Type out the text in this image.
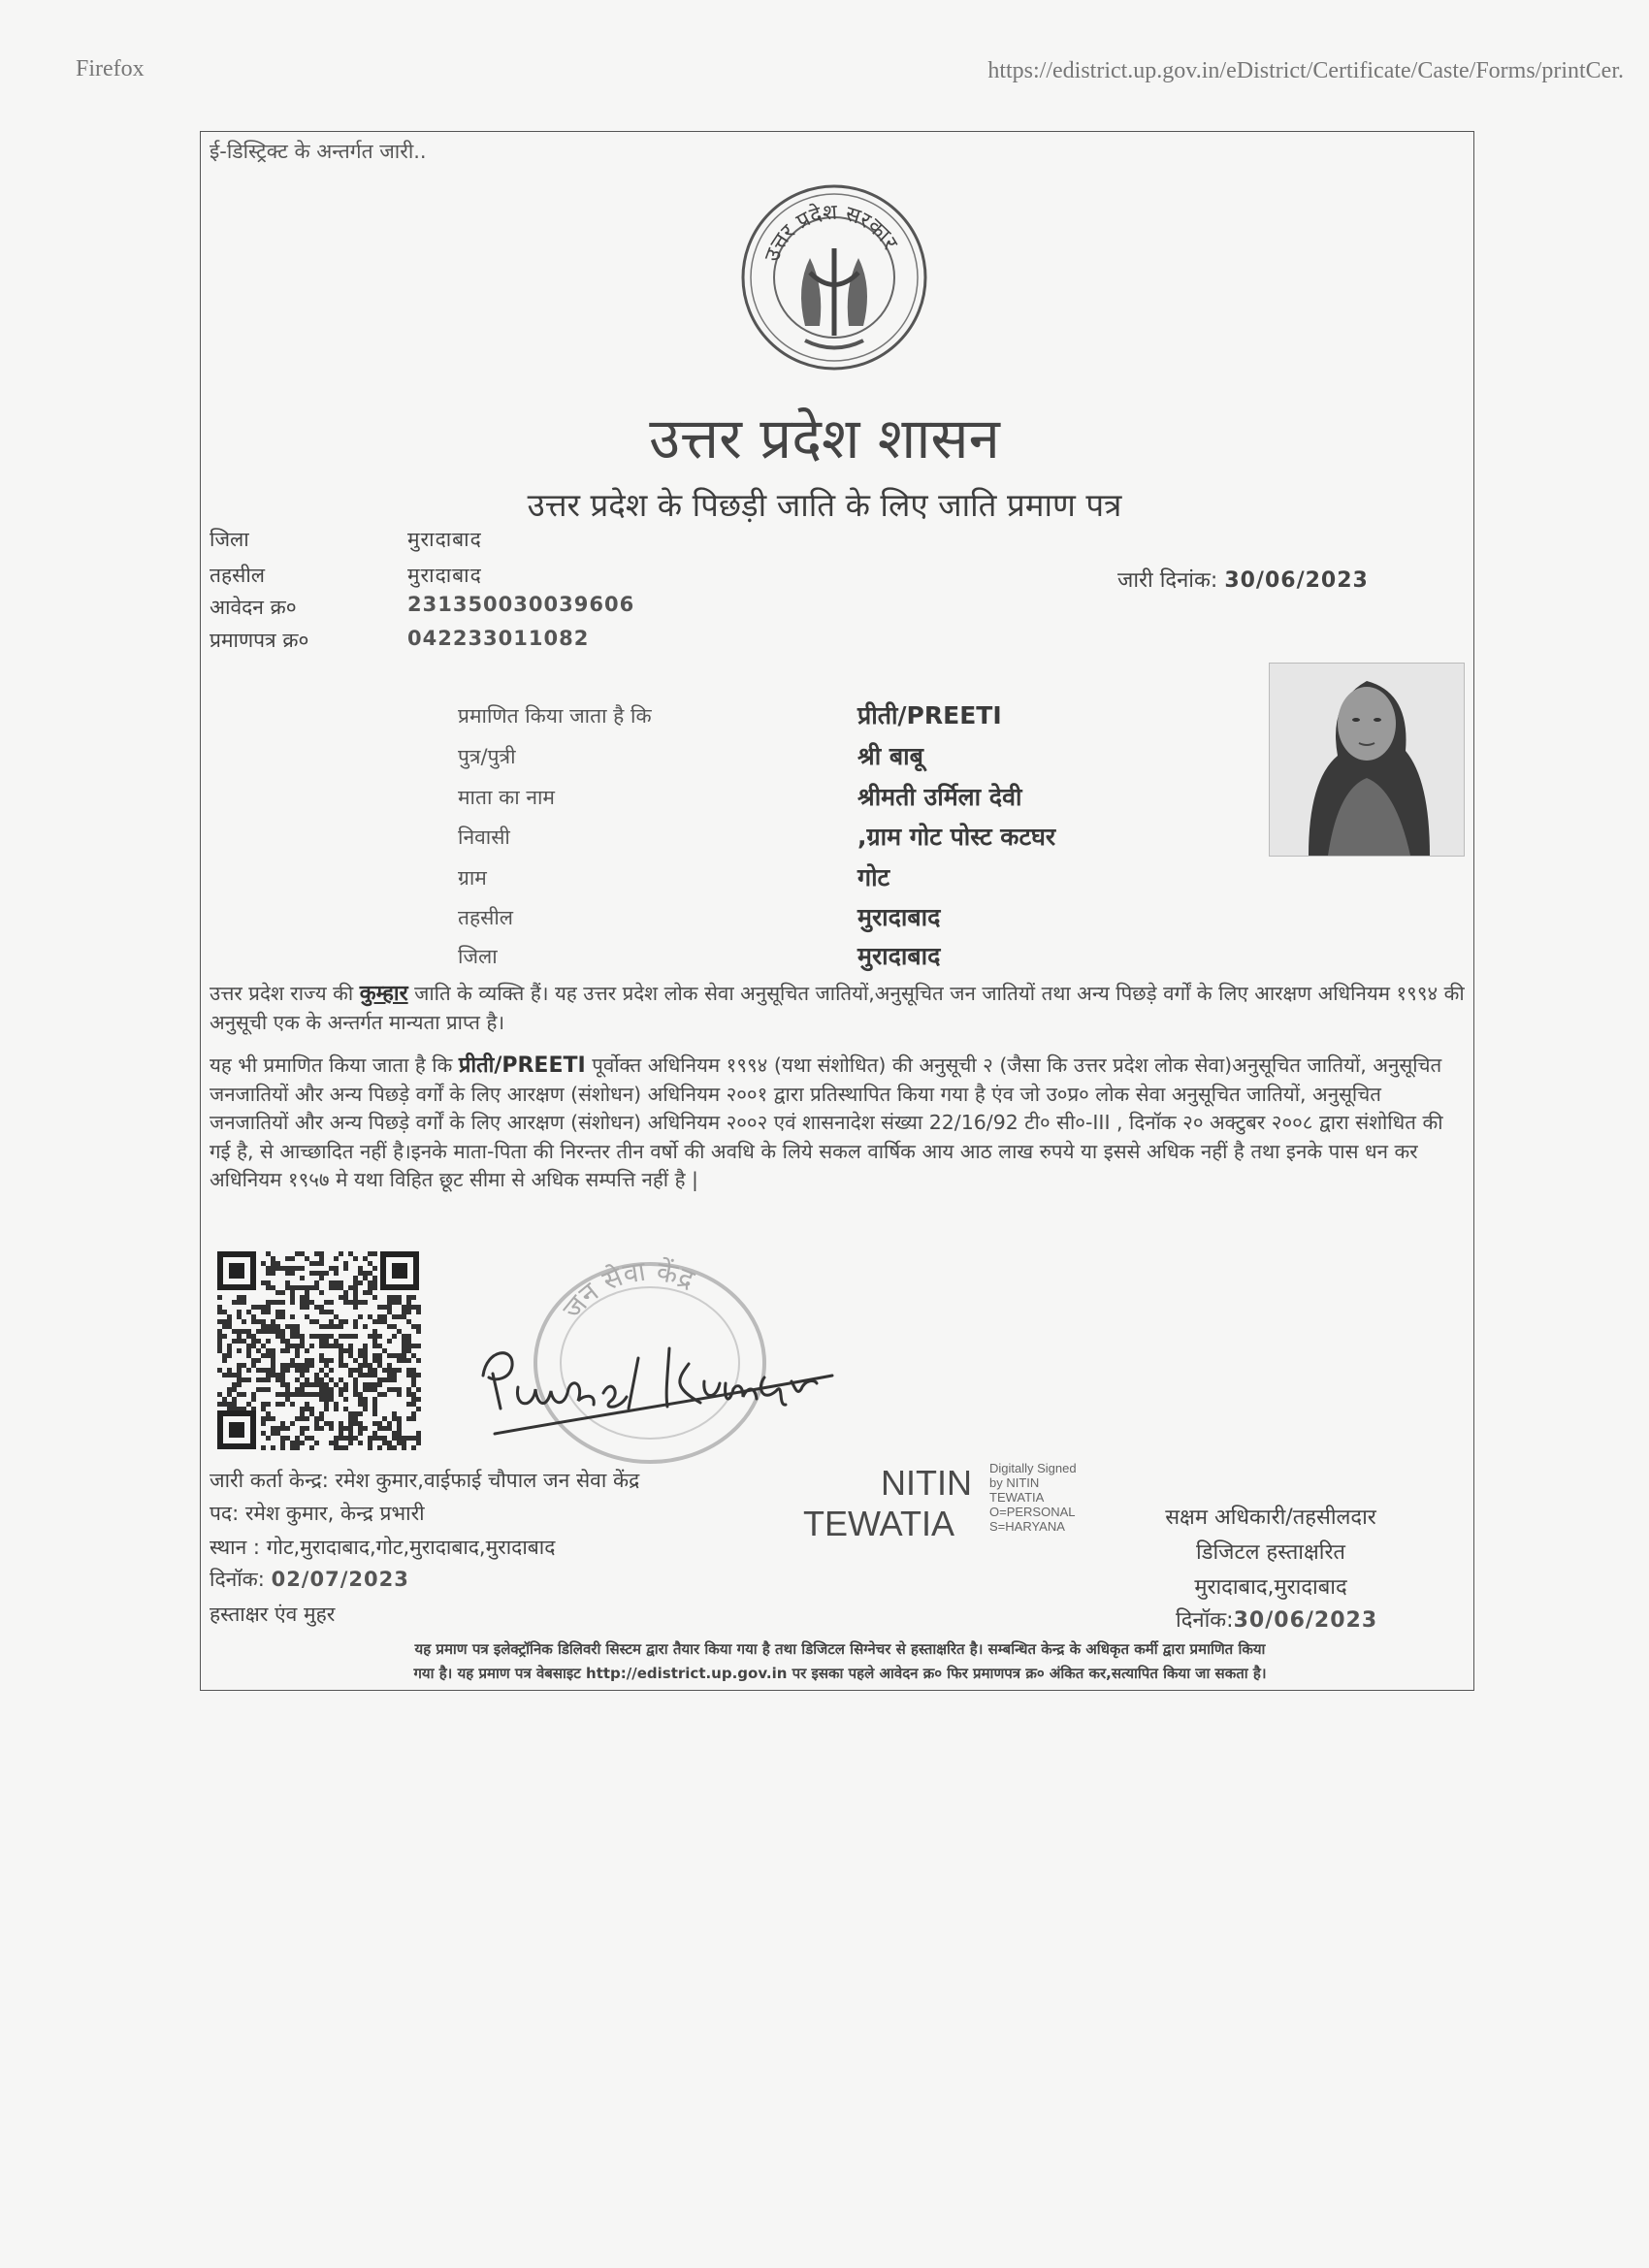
Firefox	https://edistrict.up.gov.in/eDistrict/Certificate/Caste/Forms/printCer.
ई-डिस्ट्रिक्ट के अन्तर्गत जारी..
उत्तर प्रदेश सरकार
उत्तर प्रदेश शासन
उत्तर प्रदेश के पिछड़ी जाति के लिए जाति प्रमाण पत्र
जिला	मुरादाबाद
तहसील	मुरादाबाद
आवेदन क्र०	231350030039606
प्रमाणपत्र क्र०	042233011082
जारी दिनांक: 30/06/2023
प्रमाणित किया जाता है कि	प्रीती/PREETI
पुत्र/पुत्री	श्री बाबू
माता का नाम	श्रीमती उर्मिला देवी
निवासी	,ग्राम गोट पोस्ट कटघर
ग्राम	गोट
तहसील	मुरादाबाद
जिला	मुरादाबाद
उत्तर प्रदेश राज्य की कुम्हार जाति के व्यक्ति हैं। यह उत्तर प्रदेश लोक सेवा अनुसूचित जातियों,अनुसूचित जन जातियों तथा अन्य पिछड़े वर्गों के लिए आरक्षण अधिनियम १९९४ की अनुसूची एक के अन्तर्गत मान्यता प्राप्त है।
यह भी प्रमाणित किया जाता है कि प्रीती/PREETI पूर्वोक्त अधिनियम १९९४ (यथा संशोधित) की अनुसूची २ (जैसा कि उत्तर प्रदेश लोक सेवा)अनुसूचित जातियों, अनुसूचित जनजातियों और अन्य पिछड़े वर्गों के लिए आरक्षण (संशोधन) अधिनियम २००१ द्वारा प्रतिस्थापित किया गया है एंव जो उ०प्र० लोक सेवा अनुसूचित जातियों, अनुसूचित जनजातियों और अन्य पिछड़े वर्गों के लिए आरक्षण (संशोधन) अधिनियम २००२ एवं शासनादेश संख्या 22/16/92 टी० सी०-III , दिनॉक २० अक्टुबर २००८ द्वारा संशोधित की गई है, से आच्छादित नहीं है।इनके माता-पिता की निरन्तर तीन वर्षो की अवधि के लिये सकल वार्षिक आय आठ लाख रुपये या इससे अधिक नहीं है तथा इनके पास धन कर अधिनियम १९५७ मे यथा विहित छूट सीमा से अधिक सम्पत्ति नहीं है |
जन सेवा केंद्र
जारी कर्ता केन्द्र: रमेश कुमार,वाईफाई चौपाल जन सेवा केंद्र
पद: रमेश कुमार, केन्द्र प्रभारी
स्थान : गोट,मुरादाबाद,गोट,मुरादाबाद,मुरादाबाद
दिनॉक: 02/07/2023
हस्ताक्षर एंव मुहर
NITIN
TEWATIA
Digitally Signed
by NITIN
TEWATIA
O=PERSONAL
S=HARYANA	सक्षम अधिकारी/तहसीलदार
डिजिटल हस्ताक्षरित
मुरादाबाद,मुरादाबाद
दिनॉक:30/06/2023
यह प्रमाण पत्र इलेक्ट्रॉनिक डिलिवरी सिस्टम द्वारा तैयार किया गया है तथा डिजिटल सिग्नेचर से हस्ताक्षरित है। सम्बन्धित केन्द्र के अधिकृत कर्मी द्वारा प्रमाणित किया
गया है। यह प्रमाण पत्र वेबसाइट http://edistrict.up.gov.in पर इसका पहले आवेदन क्र० फिर प्रमाणपत्र क्र० अंकित कर,सत्यापित किया जा सकता है।
